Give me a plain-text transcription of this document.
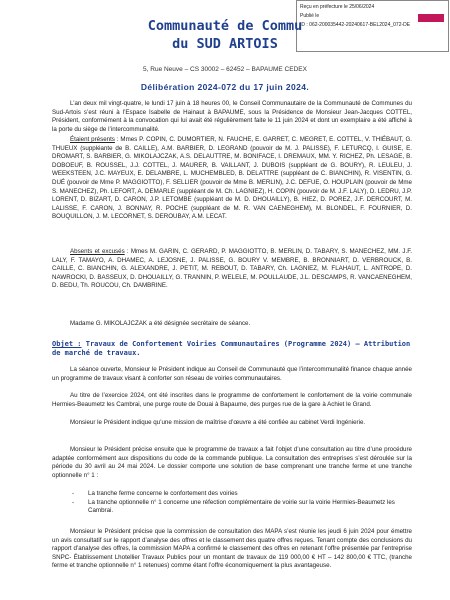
Reçu en préfecture le 25/06/2024
Publié le
ID : 062-200035442-20240617-BEL2024_072-DE
Communauté de Commu
du SUD ARTOIS
5, Rue Neuve – CS 30002 – 62452 – BAPAUME CEDEX
Délibération 2024-072 du 17 juin 2024.
L’an deux mil vingt-quatre, le lundi 17 juin à 18 heures 00, le Conseil Communautaire de la Communauté de Communes du Sud-Artois s’est réuni à l’Espace Isabelle de Hainaut à BAPAUME, sous la Présidence de Monsieur Jean-Jacques COTTEL, Président, conformément à la convocation qui lui avait été régulièrement faite le 11 juin 2024 et dont un exemplaire a été affiché à la porte du siège de l’intercommunalité.
Étaient présents : Mmes P. COPIN, C. DUMORTIER, N. FAUCHE, E. GARRET, C. MEGRET, E. COTTEL, V. THIÉBAUT, G. THUEUX (suppléante de B. CAILLE), A.M. BARBIER, D. LEGRAND (pouvoir de M. J. PALISSE), F. LETURCQ, I. GUISE, E. DROMART, S. BARBIER, G. MIKOLAJCZAK, A.S. DELAUTTRE, M. BONIFACE, I. DREMAUX, MM. Y. RICHEZ, Ph. LESAGE, B. DOBOEUF, B. ROUSSEL, J.J. COTTEL, J. MAURER, B. VAILLANT, J. DUBOIS (suppléant de G. BOURY), R. LEULEU, J. WEEKSTEEN, J.C. MAYEUX, E. DELAMBRE, L. MUCHEMBLED, B. DELATTRE (suppléant de C. BIANCHIN), R. VISENTIN, G. DUÉ (pouvoir de Mme P. MAGGIOTTO), F. SELLIER (pouvoir de Mme B. MERLIN), J.C. DEFUE, O. HOUPLAIN (pouvoir de Mme S. MANECHEZ), Ph. LEFORT, A. DEMARLE (suppléant de M. Ch. LAGNIEZ), H. COPIN (pouvoir de M. J.F. LALY), D. LEDRU, J.P. LORENT, D. BIZART, D. CARON, J.P. LETOMBE (suppléant de M. D. DHOUAILLY), B. HIEZ, D. POREZ, J.F. DERCOURT, M. LALISSE, F. CARON, J. BONNAY, R. POCHE (suppléant de M. R. VAN CAENEGHEM), M. BLONDEL, F. FOURNIER, D. BOUQUILLON, J. M. LECORNET, S. DEROUBAY, A.M. LECAT.
Absents et excusés : Mmes M. GARIN, C. GERARD, P. MAGGIOTTO, B. MERLIN, D. TABARY, S. MANECHEZ, MM. J.F. LALY, F. TAMAYO, A. DHAMEC, A. LEJOSNE, J. PALISSE, G. BOURY V. MEMBRE, B. BRONNIART, D. VERBROUCK, B. CAILLE, C. BIANCHIN, G. ALEXANDRE, J. PETIT, M. REBOUT, D. TABARY, Ch. LAGNIEZ, M. FLAHAUT, L. ANTROPE, D. NAWROCKI, D. BASSEUX, D. DHOUAILLY, G. TRANNIN, P. WELELE, M. POULLAUDE, J.L. DESCAMPS, R. VANCAENEGHEM, D. BEDU, Th. ROUCOU, Ch. DAMBRINE.
Madame G. MIKOLAJCZAK a été désignée secrétaire de séance.
Objet : Travaux de Confortement Voiries Communautaires (Programme 2024) – Attribution de marché de travaux.
La séance ouverte, Monsieur le Président indique au Conseil de Communauté que l’intercommunalité finance chaque année un programme de travaux visant à conforter son réseau de voiries communautaires.
Au titre de l’exercice 2024, ont été inscrites dans le programme de confortement le confortement de la voirie communale Hermies-Beaumetz les Cambrai, une purge route de Douai à Bapaume, des purges rue de la gare à Achiet le Grand.
Monsieur le Président indique qu’une mission de maîtrise d’œuvre a été confiée au cabinet Verdi Ingénierie.
Monsieur le Président précise ensuite que le programme de travaux a fait l’objet d’une consultation au titre d’une procédure adaptée conformément aux dispositions du code de la commande publique. La consultation des entreprises s’est déroulée sur la période du 30 avril au 24 mai 2024. Le dossier comporte une solution de base comprenant une tranche ferme et une tranche optionnelle n° 1 :
- La tranche ferme concerne le confortement des voiries
- La tranche optionnelle n° 1 concerne une réfection complémentaire de voirie sur la voirie Hermies-Beaumetz les Cambrai.
Monsieur le Président précise que la commission de consultation des MAPA s’est réunie les jeudi 6 juin 2024 pour émettre un avis consultatif sur le rapport d’analyse des offres et le classement des quatre offres reçues. Tenant compte des conclusions du rapport d’analyse des offres, la commission MAPA a confirmé le classement des offres en retenant l’offre présentée par l’entreprise SNPC- Établissement Lhotellier Travaux Publics pour un montant de travaux de 119 000,00 € HT – 142 800,00 € TTC, (tranche ferme et tranche optionnelle n° 1 retenues) comme étant l’offre économiquement la plus avantageuse.
